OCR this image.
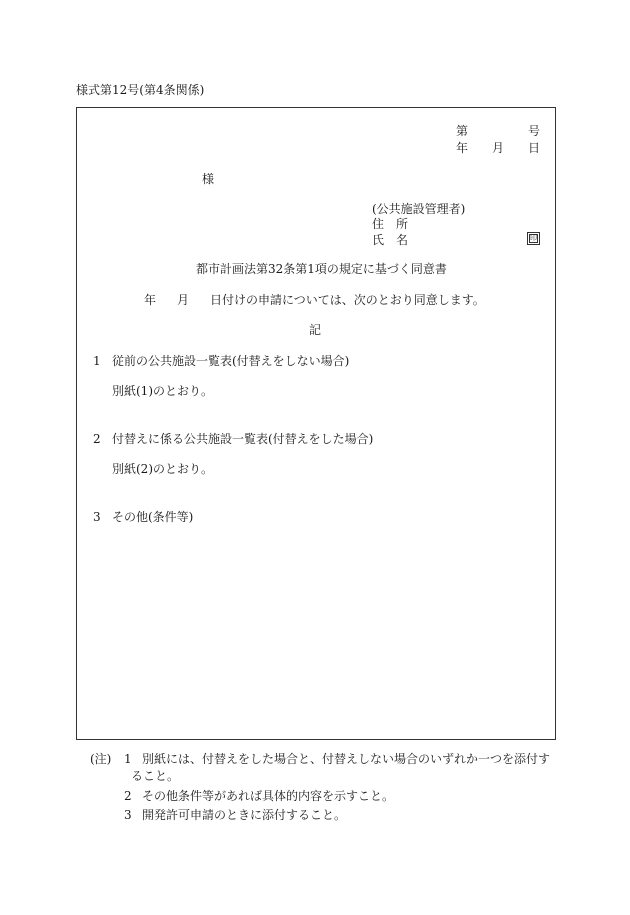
様式第12号(第4条関係)
第	号
年 月 日
様
(公共施設管理者)
住　所
氏　名	印
都市計画法第32条第1項の規定に基づく同意書
年 月 日付けの申請については、次のとおり同意します。
記
1 従前の公共施設一覧表(付替えをしない場合)
別紙(1)のとおり。
2 付替えに係る公共施設一覧表(付替えをした場合)
別紙(2)のとおり。
3 その他(条件等)
(注) 1 別紙には、付替えをした場合と、付替えしない場合のいずれか一つを添付す
ること。
2 その他条件等があれば具体的内容を示すこと。
3 開発許可申請のときに添付すること。
